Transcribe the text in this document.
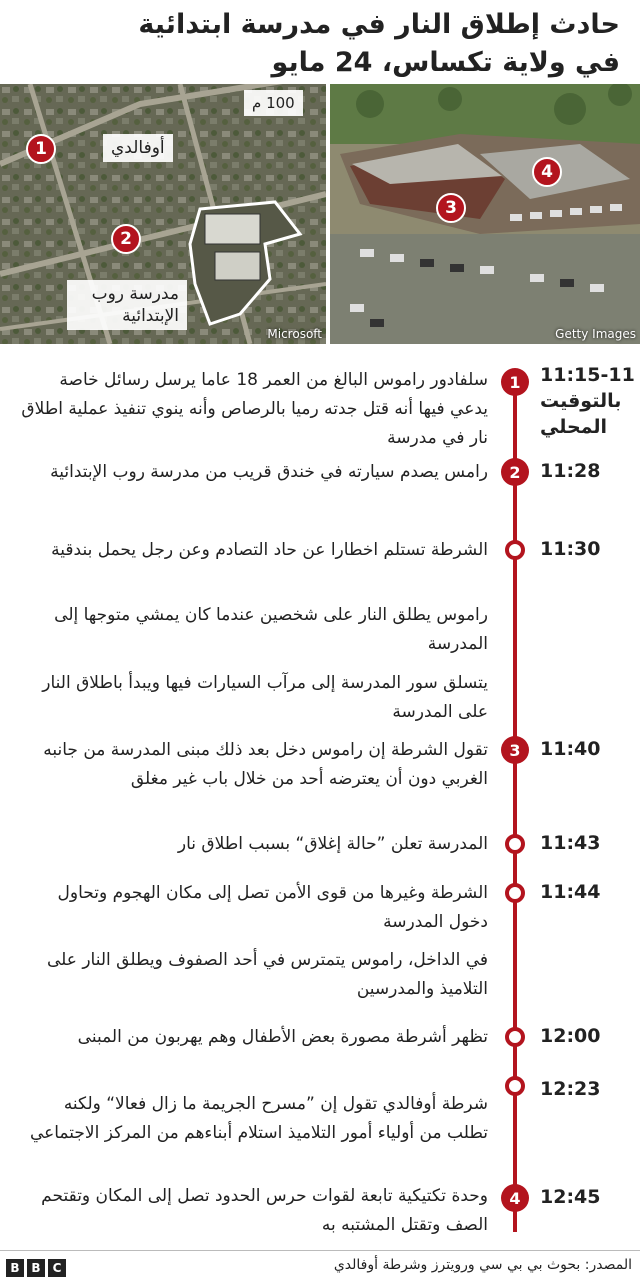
حادث إطلاق النار في مدرسة ابتدائية
في ولاية تكساس، 24 مايو
100 م
أوفالدي
مدرسة روب
الإبتدائية
1
2
Microsoft
3
4
Getty Images
11:15-11 بالتوقيت المحلي
1
سلفادور راموس البالغ من العمر 18 عاما يرسل رسائل خاصة يدعي فيها أنه قتل جدته رميا بالرصاص وأنه ينوي تنفيذ عملية اطلاق نار في مدرسة
11:28
2
رامس يصدم سيارته في خندق قريب من مدرسة روب الإبتدائية
11:30
الشرطة تستلم اخطارا عن حاد التصادم وعن رجل يحمل بندقية
راموس يطلق النار على شخصين عندما كان يمشي متوجها إلى المدرسة
يتسلق سور المدرسة إلى مرآب السيارات فيها ويبدأ باطلاق النار على المدرسة
11:40
3
تقول الشرطة إن راموس دخل بعد ذلك مبنى المدرسة من جانبه الغربي دون أن يعترضه أحد من خلال باب غير مغلق
11:43
المدرسة تعلن ”حالة إغلاق“ بسبب اطلاق نار
11:44
الشرطة وغيرها من قوى الأمن تصل إلى مكان الهجوم وتحاول دخول المدرسة
في الداخل، راموس يتمترس في أحد الصفوف ويطلق النار على التلاميذ والمدرسين
12:00
تظهر أشرطة مصورة بعض الأطفال وهم يهربون من المبنى
12:23
شرطة أوفالدي تقول إن ”مسرح الجريمة ما زال فعالا“ ولكنه تطلب من أولياء أمور التلاميذ استلام أبناءهم من المركز الاجتماعي
12:45
4
وحدة تكتيكية تابعة لقوات حرس الحدود تصل إلى المكان وتقتحم الصف وتقتل المشتبه به
B B	C	المصدر: بحوث بي بي سي ورويترز وشرطة أوفالدي
